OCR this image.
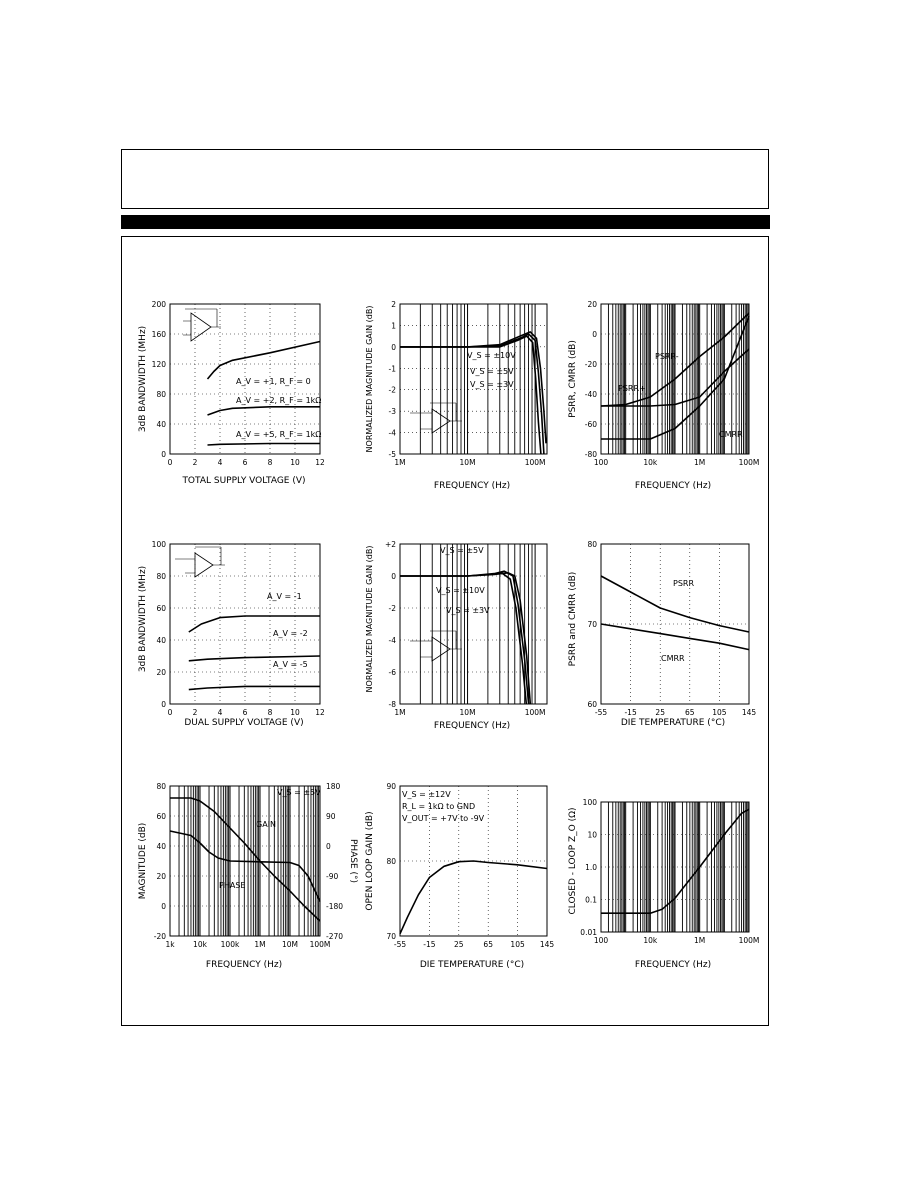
0	2	4	6	8 10 12
0
40
80
120
160
200
TOTAL SUPPLY VOLTAGE (V)
3dB BANDWIDTH (MHz)	A_V = +1, R_F = 0
A_V = +2, R_F = 1kΩ
A_V = +5, R_F = 1kΩ
1M	10M	100M
-5
-4
-3
-2
-1
0
1
2
FREQUENCY (Hz)
NORMALIZED MAGNITUDE GAIN (dB)	V_S = ±10V
V_S = ±5V
V_S = ±3V
100	10k	1M	100M
-80
-60
-40
-20
0
20
FREQUENCY (Hz)
PSRR, CMRR (dB)	PSRR-
PSRR+
CMRR
0	2	4	6	8 10 12
0
20
40
60
80
100
DUAL SUPPLY VOLTAGE (V)
3dB BANDWIDTH (MHz)	A_V = -1
A_V = -2
A_V = -5
1M	10M	100M
-8
-6
-4
-2
0
+2
FREQUENCY (Hz)
NORMALIZED MAGNITUDE GAIN (dB)	V_S = ±5V
V_S = ±10V
V_S = ±3V
-55 -15 25	65 105 145
60
70
80
DIE TEMPERATURE (°C)
PSRR and CMRR (dB)	PSRR
CMRR
1k 10k 100k 1M 10M 100M
-20
0
20
40
60
80	180
90
0
-90
-180
-270
FREQUENCY (Hz)
MAGNITUDE (dB)	PHASE (°)
V_S = ±5V
GAIN
PHASE
-55 -15 25	65 105 145
70
80
90
DIE TEMPERATURE (°C)
OPEN LOOP GAIN (dB)
V_S = ±12V
R_L = 1kΩ to GND
V_OUT = +7V to -9V
100	10k	1M	100M
0.01
0.1
1.0
10
100
FREQUENCY (Hz)
CLOSED - LOOP Z_O (Ω)
